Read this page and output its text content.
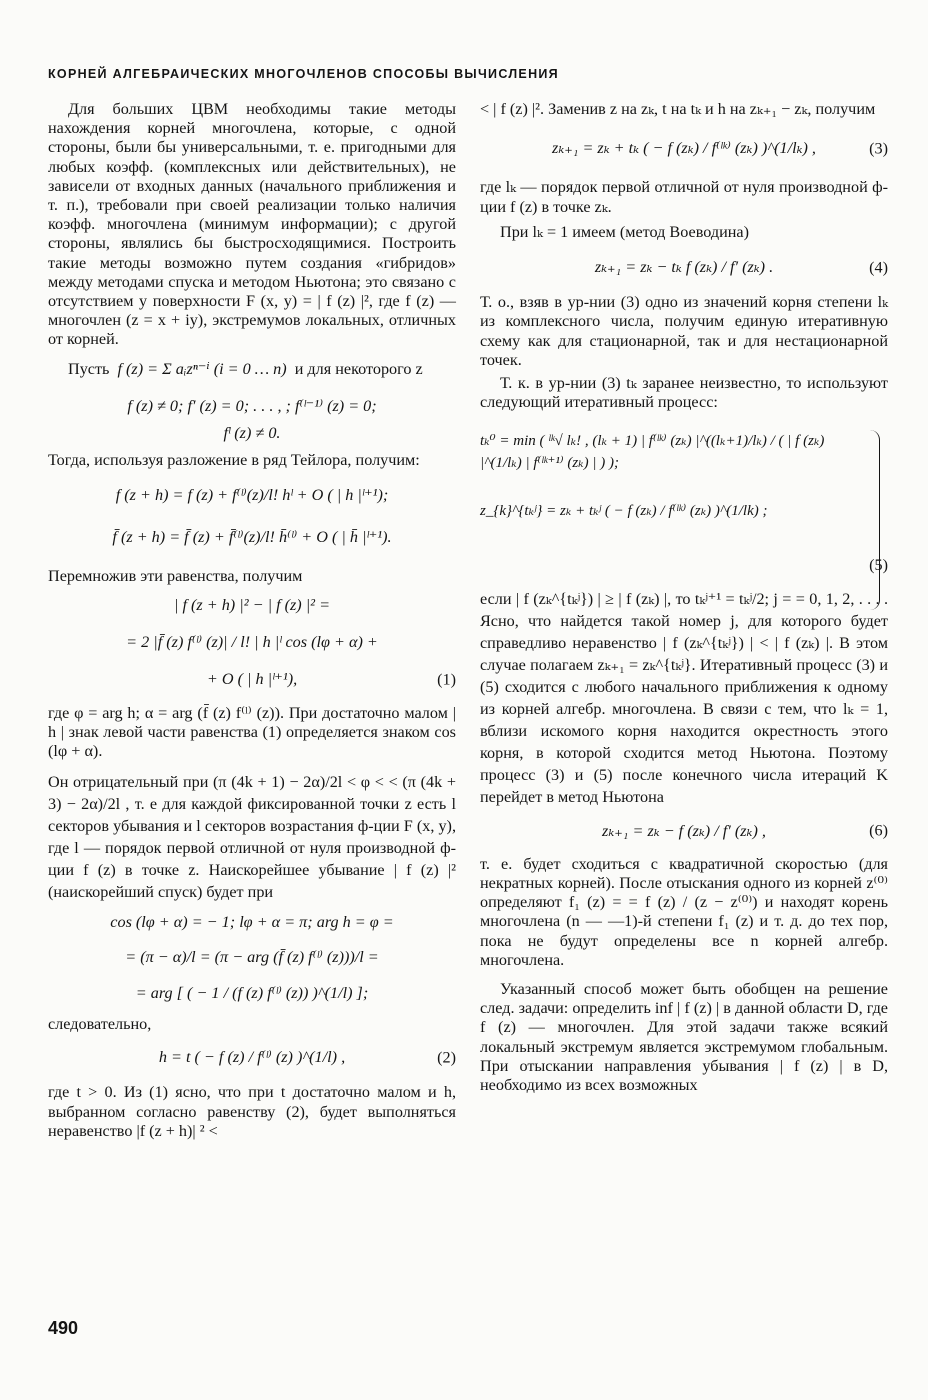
КОРНЕЙ АЛГЕБРАИЧЕСКИХ МНОГОЧЛЕНОВ СПОСОБЫ ВЫЧИСЛЕНИЯ

Для больших ЦВМ необходимы такие методы нахождения корней многочлена, которые, с одной стороны, были бы универсальными, т. е. пригодными для любых коэфф. (комплексных или действительных), не зависели от входных данных (начального приближения и т. п.), требовали при своей реализации только наличия коэфф. многочлена (минимум информации); с другой стороны, являлись бы быстросходящимися. Построить такие методы возможно путем создания «гибридов» между методами спуска и методом Ньютона; это связано с отсутствием у поверхности F (x, y) = | f (z) |², где f (z) — многочлен (z = x + iy), экстремумов локальных, отличных от корней.

Пусть f (z) = Σ aᵢzⁿ⁻ⁱ (i = 0 … n) и для некоторого z
f (z) ≠ 0; f′ (z) = 0; . . . , ; f⁽ˡ⁻¹⁾ (z) = 0;
fˡ (z) ≠ 0.

Тогда, используя разложение в ряд Тейлора, получим:

f (z + h) = f (z) + f⁽ˡ⁾(z)/l! hˡ + O ( | h |ˡ⁺¹);
f̄ (z + h) = f̄ (z) + f̄⁽ˡ⁾(z)/l! h̄⁽ˡ⁾ + O ( | h̄ |ˡ⁺¹).

Перемножив эти равенства, получим

| f (z + h) |² − | f (z) |² =
= 2 |f̄ (z) f⁽ˡ⁾ (z)| / l! | h |ˡ cos (lφ + α) +
+ O ( | h |ˡ⁺¹),	(1)

где φ = arg h; α = arg (f̄ (z) f⁽ˡ⁾ (z)). При достаточно малом | h | знак левой части равенства (1) определяется знаком cos (lφ + α).

Он отрицательный при (π (4k + 1) − 2α)/2l < φ < < (π (4k + 3) − 2α)/2l , т. е для каждой фиксированной точки z есть l секторов убывания и l секторов возрастания ф-ции F (x, y), где l — порядок первой отличной от нуля производной ф-ции f (z) в точке z. Наискорейшее убывание | f (z) |² (наискорейший спуск) будет при

cos (lφ + α) = − 1; lφ + α = π; arg h = φ =
= (π − α)/l = (π − arg (f̄ (z) f⁽ˡ⁾ (z)))/l =
= arg [ ( − 1 / (f (z) f⁽ˡ⁾ (z)) )^(1/l) ];

следовательно,

h = t ( − f (z) / f⁽ˡ⁾ (z) )^(1/l) ,	(2)

где t > 0. Из (1) ясно, что при t достаточно малом и h, выбранном согласно равенству (2), будет выполняться неравенство |f (z + h)| ² <

< | f (z) |². Заменив z на zₖ, t на tₖ и h на zₖ₊₁ − zₖ, получим

zₖ₊₁ = zₖ + tₖ ( − f (zₖ) / f⁽ˡᵏ⁾ (zₖ) )^(1/lₖ) ,	(3)

где lₖ — порядок первой отличной от нуля производной ф-ции f (z) в точке zₖ.

При lₖ = 1 имеем (метод Воеводина)

zₖ₊₁ = zₖ − tₖ f (zₖ) / f′ (zₖ) .	(4)

Т. о., взяв в ур-нии (3) одно из значений корня степени lₖ из комплексного числа, получим единую итеративную схему как для стационарной, так и для нестационарной точек.

Т. к. в ур-нии (3) tₖ заранее неизвестно, то используют следующий итеративный процесс:

tₖ⁰ = min ( ˡᵏ√ lₖ! , (lₖ + 1) | f⁽ˡᵏ⁾ (zₖ) |^((lₖ+1)/lₖ) / ( | f (zₖ) |^(1/lₖ) | f⁽ˡᵏ⁺¹⁾ (zₖ) | ) );
z_{k}^{tₖʲ} = zₖ + tₖʲ ( − f (zₖ) / f⁽ˡᵏ⁾ (zₖ) )^(1/lk) ;
(5)

если | f (zₖ^{tₖʲ}) | ≥ | f (zₖ) |, то tₖʲ⁺¹ = tₖʲ/2; j = = 0, 1, 2, . . . . Ясно, что найдется такой номер j, для которого будет справедливо неравенство | f (zₖ^{tₖʲ}) | < | f (zₖ) |. В этом случае полагаем zₖ₊₁ = zₖ^{tₖʲ}. Итеративный процесс (3) и (5) сходится с любого начального приближения к одному из корней алгебр. многочлена. В связи с тем, что lₖ = 1, вблизи искомого корня находится окрестность этого корня, в которой сходится метод Ньютона. Поэтому процесс (3) и (5) после конечного числа итераций K перейдет в метод Ньютона

zₖ₊₁ = zₖ − f (zₖ) / f′ (zₖ) ,	(6)

т. е. будет сходиться с квадратичной скоростью (для некратных корней). После отыскания одного из корней z⁽⁰⁾ определяют f₁ (z) = = f (z) / (z − z⁽⁰⁾) и находят корень многочлена (n — —1)-й степени f₁ (z) и т. д. до тех пор, пока не будут определены все n корней алгебр. многочлена.

Указанный способ может быть обобщен на решение след. задачи: определить inf | f (z) | в данной области D, где f (z) — многочлен. Для этой задачи также всякий локальный экстремум является экстремумом глобальным. При отыскании направления убывания | f (z) | в D, необходимо из всех возможных

490
